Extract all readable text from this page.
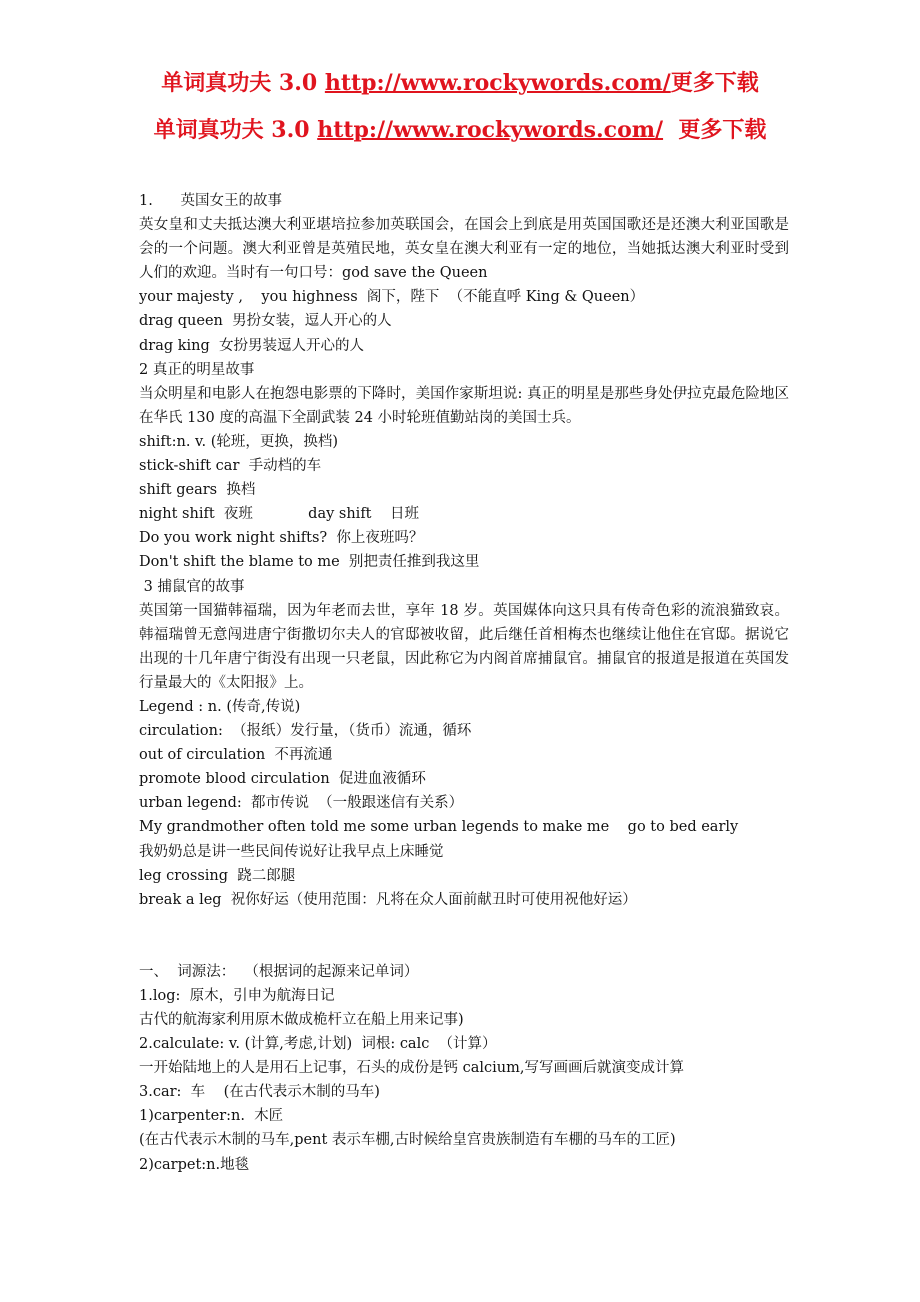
单词真功夫 3.0 http://www.rockywords.com/更多下载
单词真功夫 3.0 http://www.rockywords.com/  更多下载
1.      英国女王的故事
英女皇和丈夫抵达澳大利亚堪培拉参加英联国会，在国会上到底是用英国国歌还是还澳大利亚国歌是会的一个问题。澳大利亚曾是英殖民地，英女皇在澳大利亚有一定的地位，当她抵达澳大利亚时受到人们的欢迎。当时有一句口号：god save the Queen
your majesty ,    you highness  阁下，陛下  （不能直呼 King & Queen）
drag queen  男扮女装，逗人开心的人
drag king  女扮男装逗人开心的人
2 真正的明星故事
当众明星和电影人在抱怨电影票的下降时，美国作家斯坦说: 真正的明星是那些身处伊拉克最危险地区在华氏 130 度的高温下全副武装 24 小时轮班值勤站岗的美国士兵。
shift:n. v. (轮班，更换，换档)
stick-shift car  手动档的车
shift gears  换档
night shift  夜班            day shift    日班
Do you work night shifts?  你上夜班吗？
Don't shift the blame to me  别把责任推到我这里
3 捕鼠官的故事
英国第一国猫韩福瑞，因为年老而去世，享年 18 岁。英国媒体向这只具有传奇色彩的流浪猫致哀。韩福瑞曾无意闯进唐宁街撒切尔夫人的官邸被收留，此后继任首相梅杰也继续让他住在官邸。据说它出现的十几年唐宁街没有出现一只老鼠，因此称它为内阁首席捕鼠官。捕鼠官的报道是报道在英国发行量最大的《太阳报》上。
Legend : n. (传奇,传说)
circulation:  （报纸）发行量，（货币）流通，循环
out of circulation  不再流通
promote blood circulation  促进血液循环
urban legend:  都市传说  （一般跟迷信有关系）
My grandmother often told me some urban legends to make me    go to bed early
我奶奶总是讲一些民间传说好让我早点上床睡觉
leg crossing  跷二郎腿
break a leg  祝你好运（使用范围：凡将在众人面前献丑时可使用祝他好运）
一、  词源法：  （根据词的起源来记单词）
1.log:  原木，引申为航海日记
古代的航海家利用原木做成桅杆立在船上用来记事)
2.calculate: v. (计算,考虑,计划)  词根: calc  （计算）
一开始陆地上的人是用石上记事，石头的成份是钙 calcium,写写画画后就演变成计算
3.car:  车    (在古代表示木制的马车)
1)carpenter:n.  木匠
(在古代表示木制的马车,pent 表示车棚,古时候给皇宫贵族制造有车棚的马车的工匠)
2)carpet:n.地毯
